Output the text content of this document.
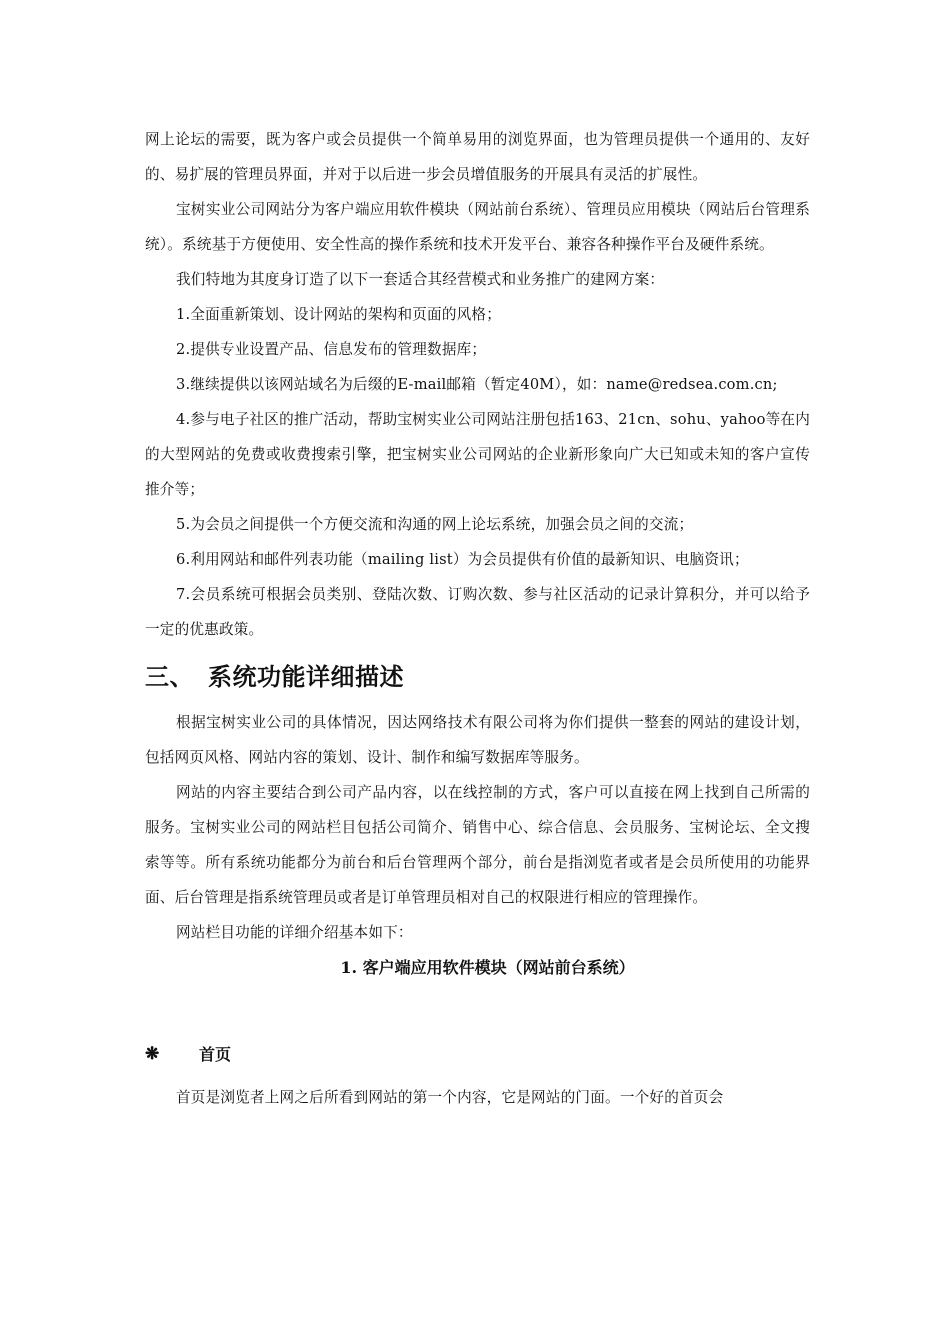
网上论坛的需要，既为客户或会员提供一个简单易用的浏览界面，也为管理员提供一个通用的、友好的、易扩展的管理员界面，并对于以后进一步会员增值服务的开展具有灵活的扩展性。

宝树实业公司网站分为客户端应用软件模块（网站前台系统）、管理员应用模块（网站后台管理系统）。系统基于方便使用、安全性高的操作系统和技术开发平台、兼容各种操作平台及硬件系统。

我们特地为其度身订造了以下一套适合其经营模式和业务推广的建网方案：

1.全面重新策划、设计网站的架构和页面的风格；

2.提供专业设置产品、信息发布的管理数据库；

3.继续提供以该网站域名为后缀的E-mail邮箱（暂定40M），如：name@redsea.com.cn;

4.参与电子社区的推广活动，帮助宝树实业公司网站注册包括163、21cn、sohu、yahoo等在内的大型网站的免费或收费搜索引擎，把宝树实业公司网站的企业新形象向广大已知或未知的客户宣传推介等；

5.为会员之间提供一个方便交流和沟通的网上论坛系统，加强会员之间的交流；

6.利用网站和邮件列表功能（mailing list）为会员提供有价值的最新知识、电脑资讯；

7.会员系统可根据会员类别、登陆次数、订购次数、参与社区活动的记录计算积分，并可以给予一定的优惠政策。

三、 系统功能详细描述

根据宝树实业公司的具体情况，因达网络技术有限公司将为你们提供一整套的网站的建设计划，包括网页风格、网站内容的策划、设计、制作和编写数据库等服务。

网站的内容主要结合到公司产品内容，以在线控制的方式，客户可以直接在网上找到自己所需的服务。宝树实业公司的网站栏目包括公司简介、销售中心、综合信息、会员服务、宝树论坛、全文搜索等等。所有系统功能都分为前台和后台管理两个部分，前台是指浏览者或者是会员所使用的功能界面、后台管理是指系统管理员或者是订单管理员相对自己的权限进行相应的管理操作。

网站栏目功能的详细介绍基本如下：

1. 客户端应用软件模块（网站前台系统）
❋	首页

首页是浏览者上网之后所看到网站的第一个内容，它是网站的门面。一个好的首页会
